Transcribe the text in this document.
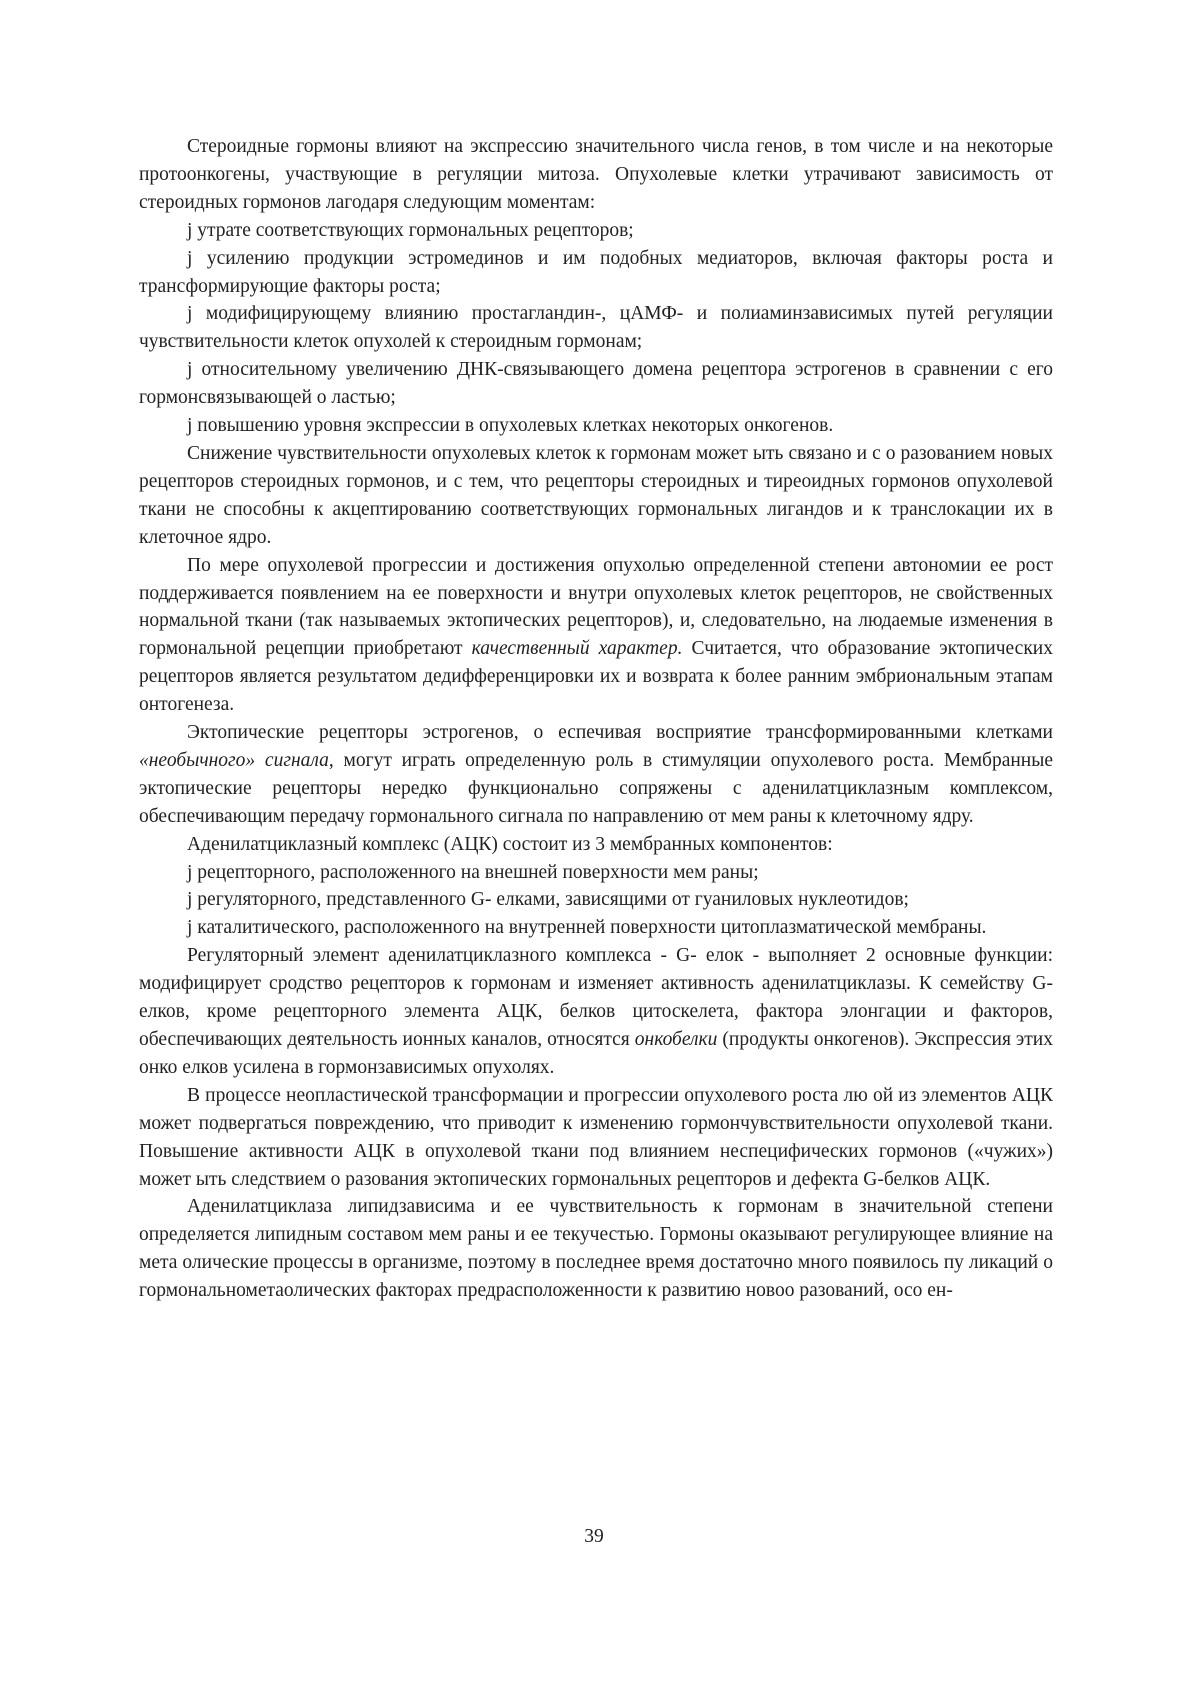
Стероидные гормоны влияют на экспрессию значительного числа генов, в том числе и на некоторые протоонкогены, участвующие в регуляции митоза. Опухолевые клетки утрачивают зависимость от стероидных гормонов лагодаря следующим моментам:

j утрате соответствующих гормональных рецепторов;

j усилению продукции эстромединов и им подобных медиаторов, включая факторы роста и трансформирующие факторы роста;

j модифицирующему влиянию простагландин-, цАМФ- и полиаминзависимых путей регуляции чувствительности клеток опухолей к стероидным гормонам;

j относительному увеличению ДНК-связывающего домена рецептора эстрогенов в сравнении с его гормонсвязывающей о ластью;

j повышению уровня экспрессии в опухолевых клетках некоторых онкогенов.

Снижение чувствительности опухолевых клеток к гормонам может ыть связано и с о разованием новых рецепторов стероидных гормонов, и с тем, что рецепторы стероидных и тиреоидных гормонов опухолевой ткани не способны к акцептированию соответствующих гормональных лигандов и к транслокации их в клеточное ядро.

По мере опухолевой прогрессии и достижения опухолью определенной степени автономии ее рост поддерживается появлением на ее поверхности и внутри опухолевых клеток рецепторов, не свойственных нормальной ткани (так называемых эктопических рецепторов), и, следовательно, на людаемые изменения в гормональной рецепции приобретают качественный характер. Считается, что образование эктопических рецепторов является результатом дедифференцировки их и возврата к более ранним эмбриональным этапам онтогенеза.

Эктопические рецепторы эстрогенов, о еспечивая восприятие трансформированными клетками «необычного» сигнала, могут играть определенную роль в стимуляции опухолевого роста. Мембранные эктопические рецепторы нередко функционально сопряжены с аденилатциклазным комплексом, обеспечивающим передачу гормонального сигнала по направлению от мем раны к клеточному ядру.

Аденилатциклазный комплекс (АЦК) состоит из 3 мембранных компонентов:

j рецепторного, расположенного на внешней поверхности мем раны;

j регуляторного, представленного G- елками, зависящими от гуаниловых нуклеотидов;

j каталитического, расположенного на внутренней поверхности цитоплазматической мембраны.

Регуляторный элемент аденилатциклазного комплекса - G- елок - выполняет 2 основные функции: модифицирует сродство рецепторов к гормонам и изменяет активность аденилатциклазы. К семейству G- елков, кроме рецепторного элемента АЦК, белков цитоскелета, фактора элонгации и факторов, обеспечивающих деятельность ионных каналов, относятся онкобелки (продукты онкогенов). Экспрессия этих онко елков усилена в гормонзависимых опухолях.

В процессе неопластической трансформации и прогрессии опухолевого роста лю ой из элементов АЦК может подвергаться повреждению, что приводит к изменению гормончувствительности опухолевой ткани. Повышение активности АЦК в опухолевой ткани под влиянием неспецифических гормонов («чужих») может ыть следствием о разования эктопических гормональных рецепторов и дефекта G-белков АЦК.

Аденилатциклаза липидзависима и ее чувствительность к гормонам в значительной степени определяется липидным составом мем раны и ее текучестью. Гормоны оказывают регулирующее влияние на мета олические процессы в организме, поэтому в последнее время достаточно много появилось пу ликаций о гормональнометаолических факторах предрасположенности к развитию новоо разований, осо ен-

39
